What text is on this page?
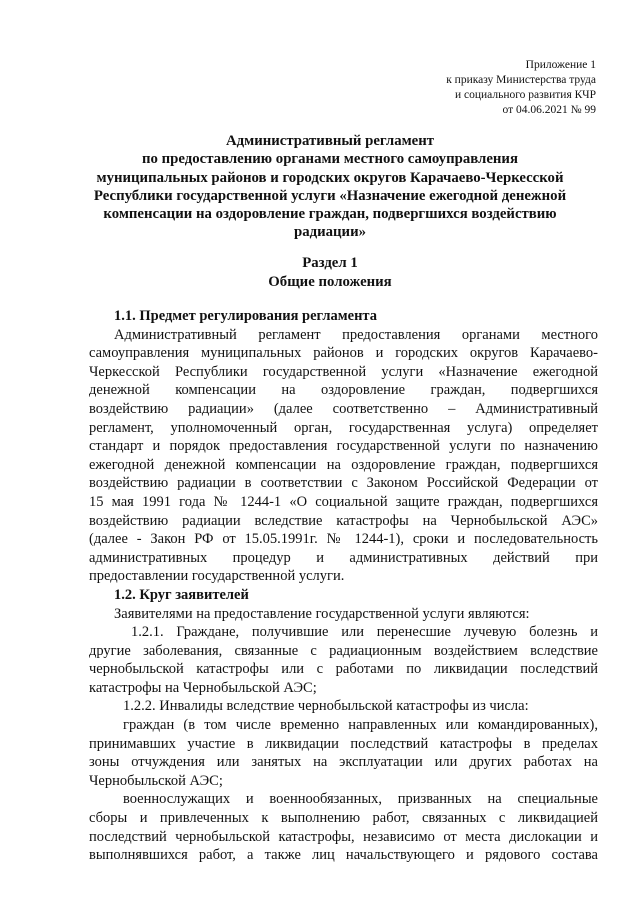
Приложение 1
к приказу Министерства труда
и социального развития КЧР
от 04.06.2021 № 99
Административный регламент
по предоставлению органами местного самоуправления
муниципальных районов и городских округов Карачаево-Черкесской
Республики государственной услуги «Назначение ежегодной денежной
компенсации на оздоровление граждан, подвергшихся воздействию
радиации»
Раздел 1
Общие положения
1.1. Предмет регулирования регламента
Административный регламент предоставления органами местного
самоуправления муниципальных районов и городских округов Карачаево-
Черкесской Республики государственной услуги «Назначение ежегодной
денежной компенсации на оздоровление граждан, подвергшихся
воздействию радиации» (далее соответственно – Административный
регламент, уполномоченный орган, государственная услуга) определяет
стандарт и порядок предоставления государственной услуги по назначению
ежегодной денежной компенсации на оздоровление граждан, подвергшихся
воздействию радиации в соответствии с Законом Российской Федерации от
15 мая 1991 года № 1244-1 «О социальной защите граждан, подвергшихся
воздействию радиации вследствие катастрофы на Чернобыльской АЭС»
(далее - Закон РФ от 15.05.1991г. № 1244-1), сроки и последовательность
административных процедур и административных действий при
предоставлении государственной услуги.
1.2. Круг заявителей
Заявителями на предоставление государственной услуги являются:
1.2.1. Граждане, получившие или перенесшие лучевую болезнь и
другие заболевания, связанные с радиационным воздействием вследствие
чернобыльской катастрофы или с работами по ликвидации последствий
катастрофы на Чернобыльской АЭС;
1.2.2. Инвалиды вследствие чернобыльской катастрофы из числа:
граждан (в том числе временно направленных или командированных),
принимавших участие в ликвидации последствий катастрофы в пределах
зоны отчуждения или занятых на эксплуатации или других работах на
Чернобыльской АЭС;
военнослужащих и военнообязанных, призванных на специальные
сборы и привлеченных к выполнению работ, связанных с ликвидацией
последствий чернобыльской катастрофы, независимо от места дислокации и
выполнявшихся работ, а также лиц начальствующего и рядового состава
